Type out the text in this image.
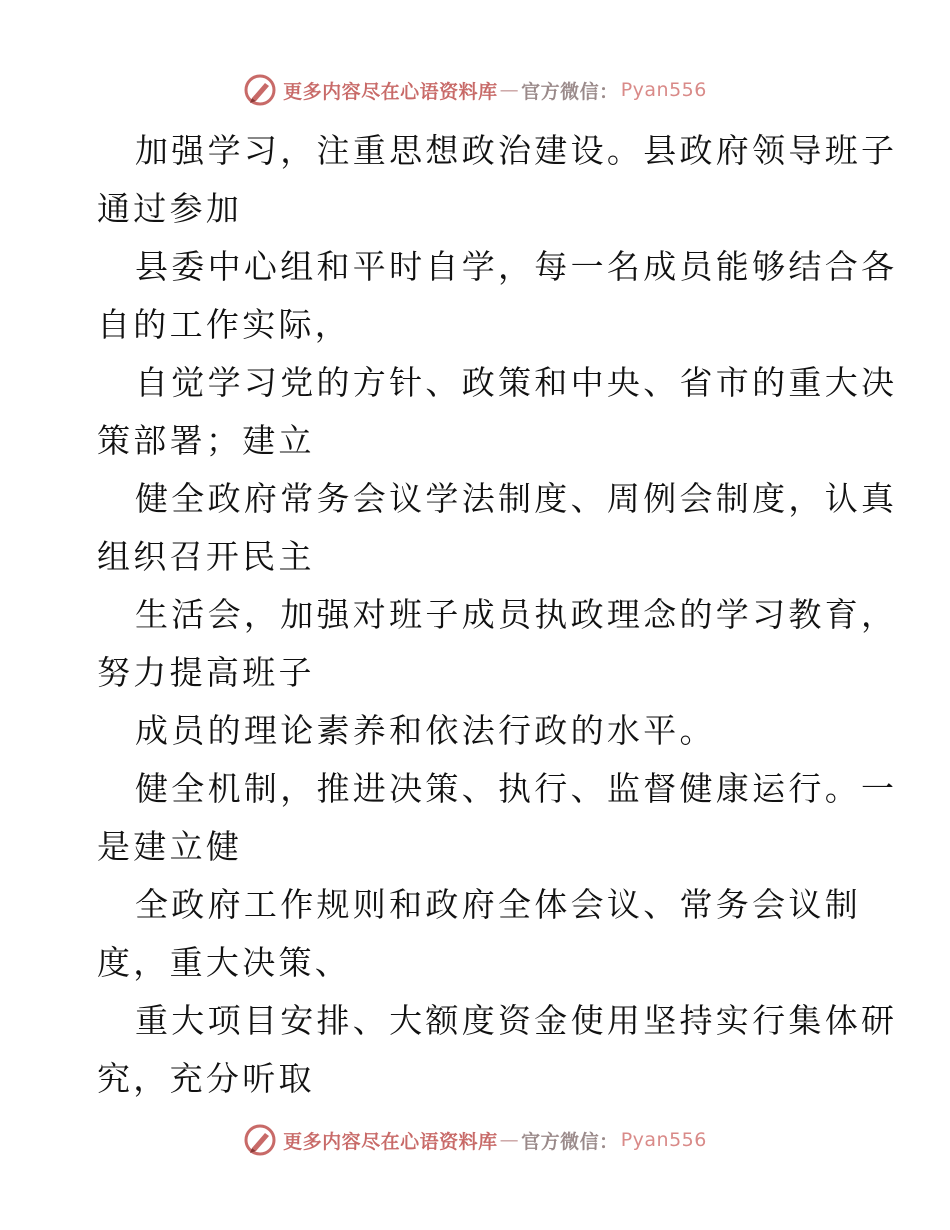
更多内容尽在心语资料库 — 官方微信： Pyan556
加强学习，注重思想政治建设。县政府领导班子
通过参加
县委中心组和平时自学，每一名成员能够结合各
自的工作实际，
自觉学习党的方针、政策和中央、省市的重大决
策部署；建立
健全政府常务会议学法制度、周例会制度，认真
组织召开民主
生活会，加强对班子成员执政理念的学习教育，
努力提高班子
成员的理论素养和依法行政的水平。
健全机制，推进决策、执行、监督健康运行。一
是建立健
全政府工作规则和政府全体会议、常务会议制
度，重大决策、
重大项目安排、大额度资金使用坚持实行集体研
究，充分听取
更多内容尽在心语资料库 — 官方微信： Pyan556
